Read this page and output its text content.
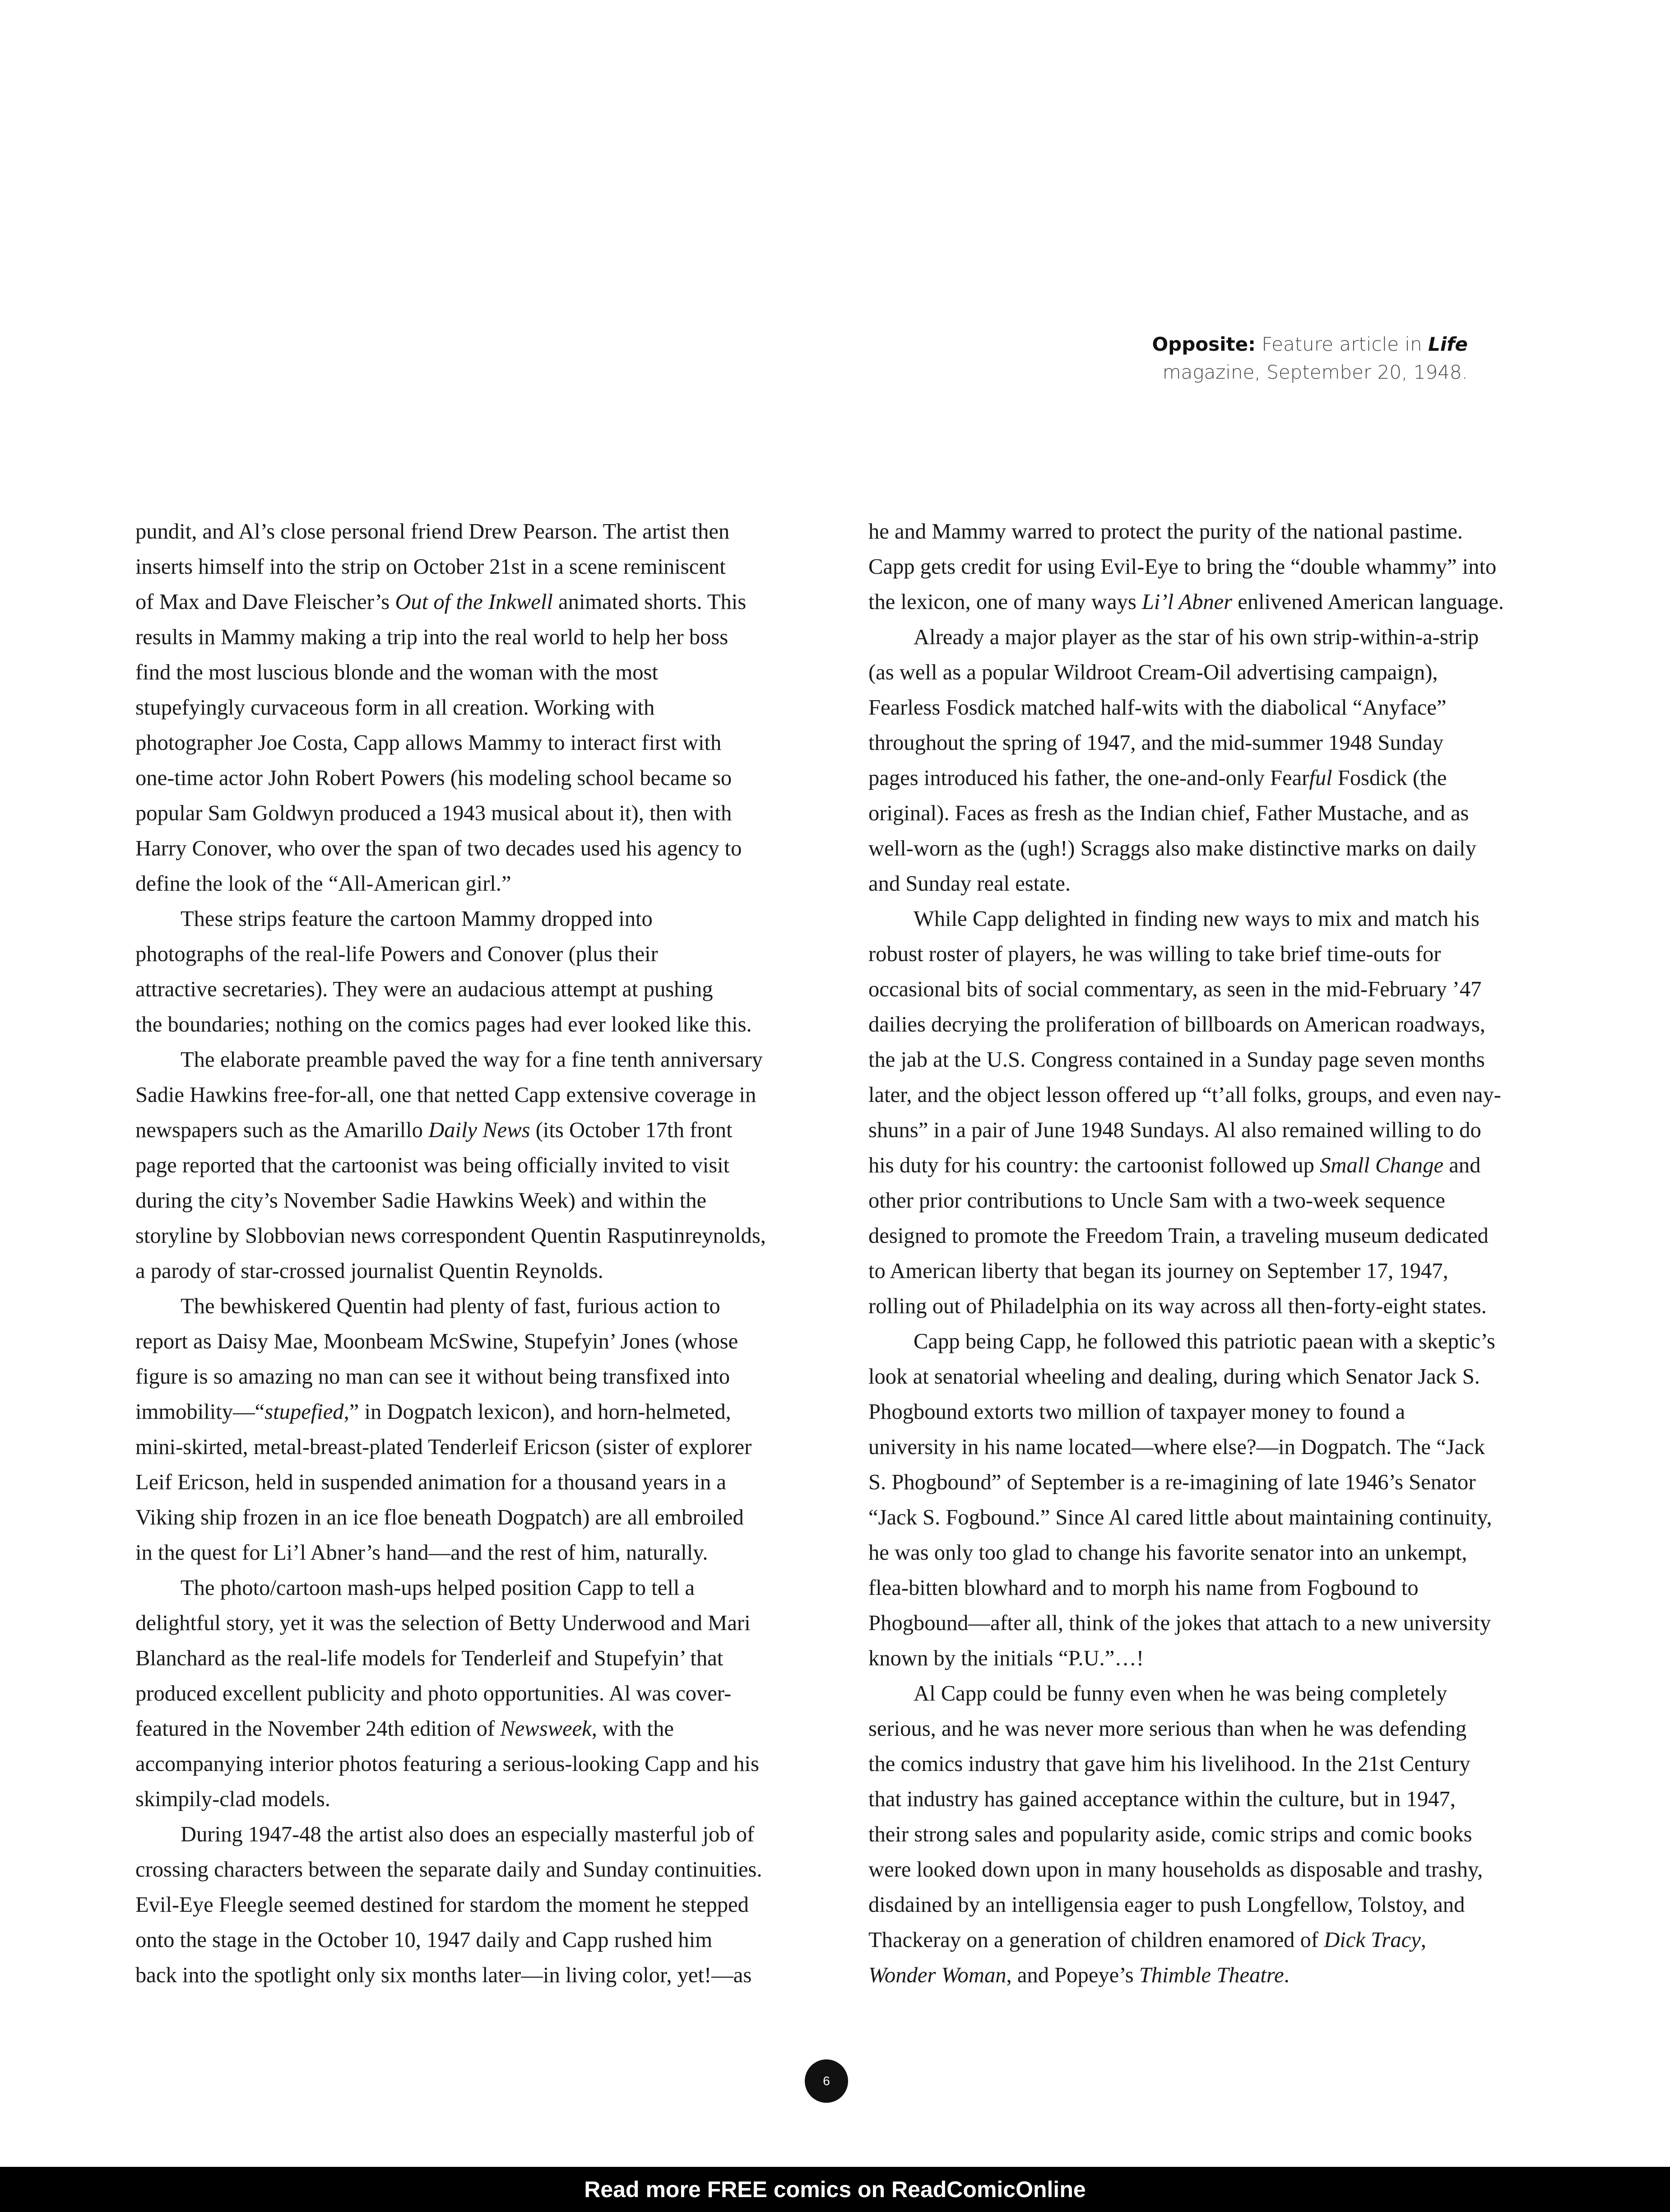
Opposite: Feature article in Life
magazine, September 20, 1948.

pundit, and Al’s close personal friend Drew Pearson. The artist then
inserts himself into the strip on October 21st in a scene reminiscent
of Max and Dave Fleischer’s Out of the Inkwell animated shorts. This
results in Mammy making a trip into the real world to help her boss
find the most luscious blonde and the woman with the most
stupefyingly curvaceous form in all creation. Working with
photographer Joe Costa, Capp allows Mammy to interact first with
one-time actor John Robert Powers (his modeling school became so
popular Sam Goldwyn produced a 1943 musical about it), then with
Harry Conover, who over the span of two decades used his agency to
define the look of the “All-American girl.”

These strips feature the cartoon Mammy dropped into
photographs of the real-life Powers and Conover (plus their
attractive secretaries). They were an audacious attempt at pushing
the boundaries; nothing on the comics pages had ever looked like this.

The elaborate preamble paved the way for a fine tenth anniversary
Sadie Hawkins free-for-all, one that netted Capp extensive coverage in
newspapers such as the Amarillo Daily News (its October 17th front
page reported that the cartoonist was being officially invited to visit
during the city’s November Sadie Hawkins Week) and within the
storyline by Slobbovian news correspondent Quentin Rasputinreynolds,
a parody of star-crossed journalist Quentin Reynolds.

The bewhiskered Quentin had plenty of fast, furious action to
report as Daisy Mae, Moonbeam McSwine, Stupefyin’ Jones (whose
figure is so amazing no man can see it without being transfixed into
immobility—“stupefied,” in Dogpatch lexicon), and horn-helmeted,
mini-skirted, metal-breast-plated Tenderleif Ericson (sister of explorer
Leif Ericson, held in suspended animation for a thousand years in a
Viking ship frozen in an ice floe beneath Dogpatch) are all embroiled
in the quest for Li’l Abner’s hand—and the rest of him, naturally.

The photo/cartoon mash-ups helped position Capp to tell a
delightful story, yet it was the selection of Betty Underwood and Mari
Blanchard as the real-life models for Tenderleif and Stupefyin’ that
produced excellent publicity and photo opportunities. Al was cover-
featured in the November 24th edition of Newsweek, with the
accompanying interior photos featuring a serious-looking Capp and his
skimpily-clad models.

During 1947-48 the artist also does an especially masterful job of
crossing characters between the separate daily and Sunday continuities.
Evil-Eye Fleegle seemed destined for stardom the moment he stepped
onto the stage in the October 10, 1947 daily and Capp rushed him
back into the spotlight only six months later—in living color, yet!—as

he and Mammy warred to protect the purity of the national pastime.
Capp gets credit for using Evil-Eye to bring the “double whammy” into
the lexicon, one of many ways Li’l Abner enlivened American language.

Already a major player as the star of his own strip-within-a-strip
(as well as a popular Wildroot Cream-Oil advertising campaign),
Fearless Fosdick matched half-wits with the diabolical “Anyface”
throughout the spring of 1947, and the mid-summer 1948 Sunday
pages introduced his father, the one-and-only Fearful Fosdick (the
original). Faces as fresh as the Indian chief, Father Mustache, and as
well-worn as the (ugh!) Scraggs also make distinctive marks on daily
and Sunday real estate.

While Capp delighted in finding new ways to mix and match his
robust roster of players, he was willing to take brief time-outs for
occasional bits of social commentary, as seen in the mid-February ’47
dailies decrying the proliferation of billboards on American roadways,
the jab at the U.S. Congress contained in a Sunday page seven months
later, and the object lesson offered up “t’all folks, groups, and even nay-
shuns” in a pair of June 1948 Sundays. Al also remained willing to do
his duty for his country: the cartoonist followed up Small Change and
other prior contributions to Uncle Sam with a two-week sequence
designed to promote the Freedom Train, a traveling museum dedicated
to American liberty that began its journey on September 17, 1947,
rolling out of Philadelphia on its way across all then-forty-eight states.

Capp being Capp, he followed this patriotic paean with a skeptic’s
look at senatorial wheeling and dealing, during which Senator Jack S.
Phogbound extorts two million of taxpayer money to found a
university in his name located—where else?—in Dogpatch. The “Jack
S. Phogbound” of September is a re-imagining of late 1946’s Senator
“Jack S. Fogbound.” Since Al cared little about maintaining continuity,
he was only too glad to change his favorite senator into an unkempt,
flea-bitten blowhard and to morph his name from Fogbound to
Phogbound—after all, think of the jokes that attach to a new university
known by the initials “P.U.”…!

Al Capp could be funny even when he was being completely
serious, and he was never more serious than when he was defending
the comics industry that gave him his livelihood. In the 21st Century
that industry has gained acceptance within the culture, but in 1947,
their strong sales and popularity aside, comic strips and comic books
were looked down upon in many households as disposable and trashy,
disdained by an intelligensia eager to push Longfellow, Tolstoy, and
Thackeray on a generation of children enamored of Dick Tracy,
Wonder Woman, and Popeye’s Thimble Theatre.

6
Read more FREE comics on ReadComicOnline
